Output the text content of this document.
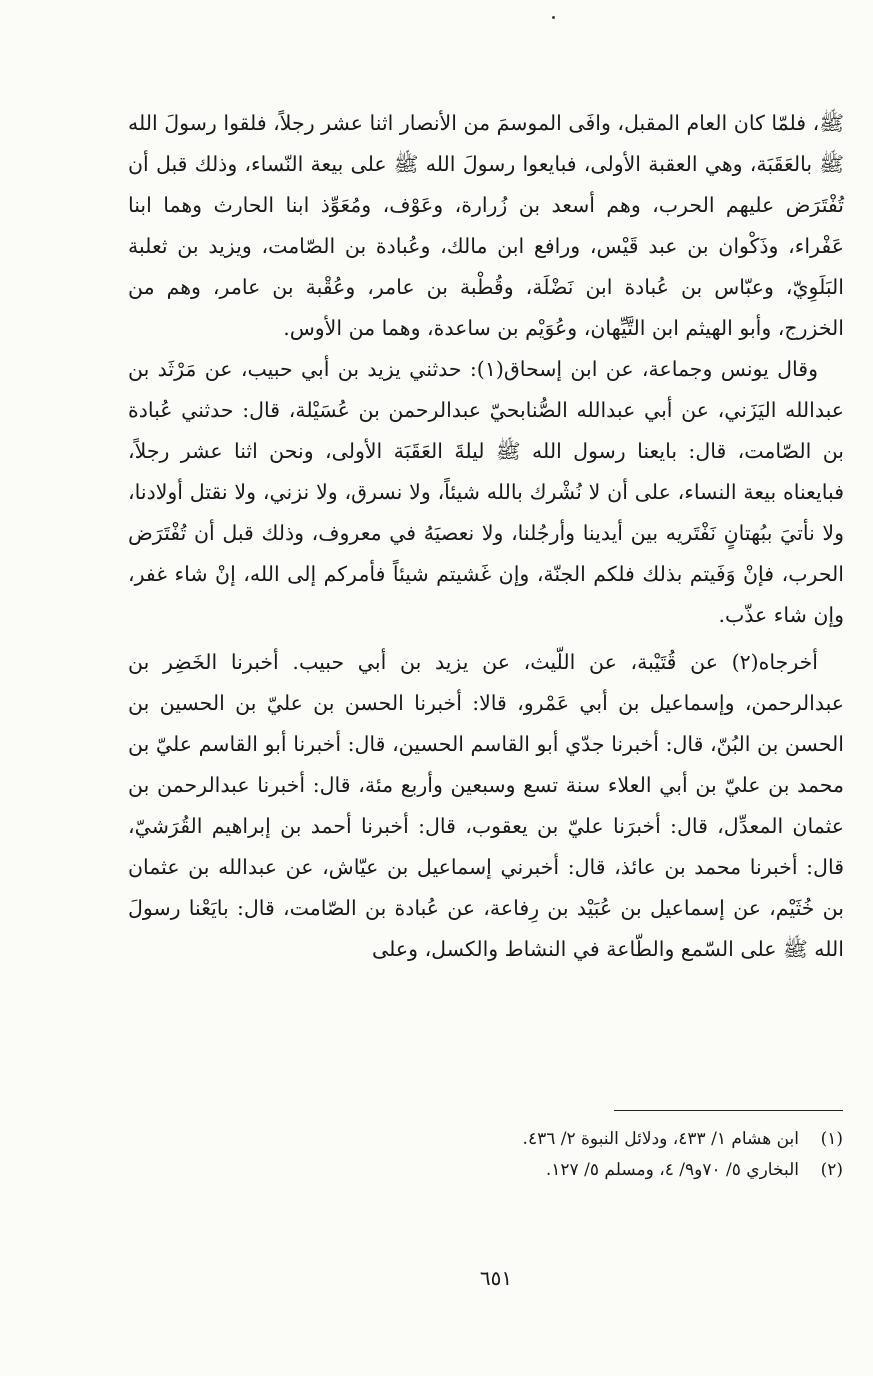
ﷺ، فلمّا كان العام المقبل، وافَى الموسمَ من الأنصار اثنا عشر رجلاً، فلقوا رسولَ الله ﷺ بالعَقَبَة، وهي العقبة الأولى، فبايعوا رسولَ الله ﷺ على بيعة النّساء، وذلك قبل أن تُفْتَرَض عليهم الحرب، وهم أسعد بن زُرارة، وعَوْف، ومُعَوِّذ ابنا الحارث وهما ابنا عَفْراء، وذَكْوان بن عبد قَيْس، ورافع ابن مالك، وعُبادة بن الصّامت، ويزيد بن ثعلبة البَلَوِيّ، وعبّاس بن عُبادة ابن نَضْلَة، وقُطْبة بن عامر، وعُقْبة بن عامر، وهم من الخزرج، وأبو الهيثم ابن التَّيِّهان، وعُوَيْم بن ساعدة، وهما من الأوس.

وقال يونس وجماعة، عن ابن إسحاق(١): حدثني يزيد بن أبي حبيب، عن مَرْثَد بن عبدالله اليَزَني، عن أبي عبدالله الصُّنابحيّ عبدالرحمن بن عُسَيْلة، قال: حدثني عُبادة بن الصّامت، قال: بايعنا رسول الله ﷺ ليلةَ العَقَبَة الأولى، ونحن اثنا عشر رجلاً، فبايعناه بيعة النساء، على أن لا نُشْرك بالله شيئاً، ولا نسرق، ولا نزني، ولا نقتل أولادنا، ولا نأتيَ ببُهتانٍ نَفْتَريه بين أيدينا وأرجُلنا، ولا نعصيَهُ في معروف، وذلك قبل أن تُفْتَرَض الحرب، فإنْ وَفَيتم بذلك فلكم الجنّة، وإن غَشيتم شيئاً فأمركم إلى الله، إنْ شاء غفر، وإن شاء عذّب.

أخرجاه(٢) عن قُتَيْبة، عن اللّيث، عن يزيد بن أبي حبيب. أخبرنا الخَضِر بن عبدالرحمن، وإسماعيل بن أبي عَمْرو، قالا: أخبرنا الحسن بن عليّ بن الحسين بن الحسن بن البُنّ، قال: أخبرنا جدّي أبو القاسم الحسين، قال: أخبرنا أبو القاسم عليّ بن محمد بن عليّ بن أبي العلاء سنة تسع وسبعين وأربع مئة، قال: أخبرنا عبدالرحمن بن عثمان المعدِّل، قال: أخبرَنا عليّ بن يعقوب، قال: أخبرنا أحمد بن إبراهيم القُرَشيّ، قال: أخبرنا محمد بن عائذ، قال: أخبرني إسماعيل بن عيّاش، عن عبدالله بن عثمان بن خُثَيْم، عن إسماعيل بن عُبَيْد بن رِفاعة، عن عُبادة بن الصّامت، قال: بايَعْنا رسولَ الله ﷺ على السّمع والطّاعة في النشاط والكسل، وعلى

(١)
ابن هشام ١/ ٤٣٣، ودلائل النبوة ٢/ ٤٣٦.
(٢)
البخاري ٥/ ٧٠و٩/ ٤، ومسلم ٥/ ١٢٧.
٦٥١
